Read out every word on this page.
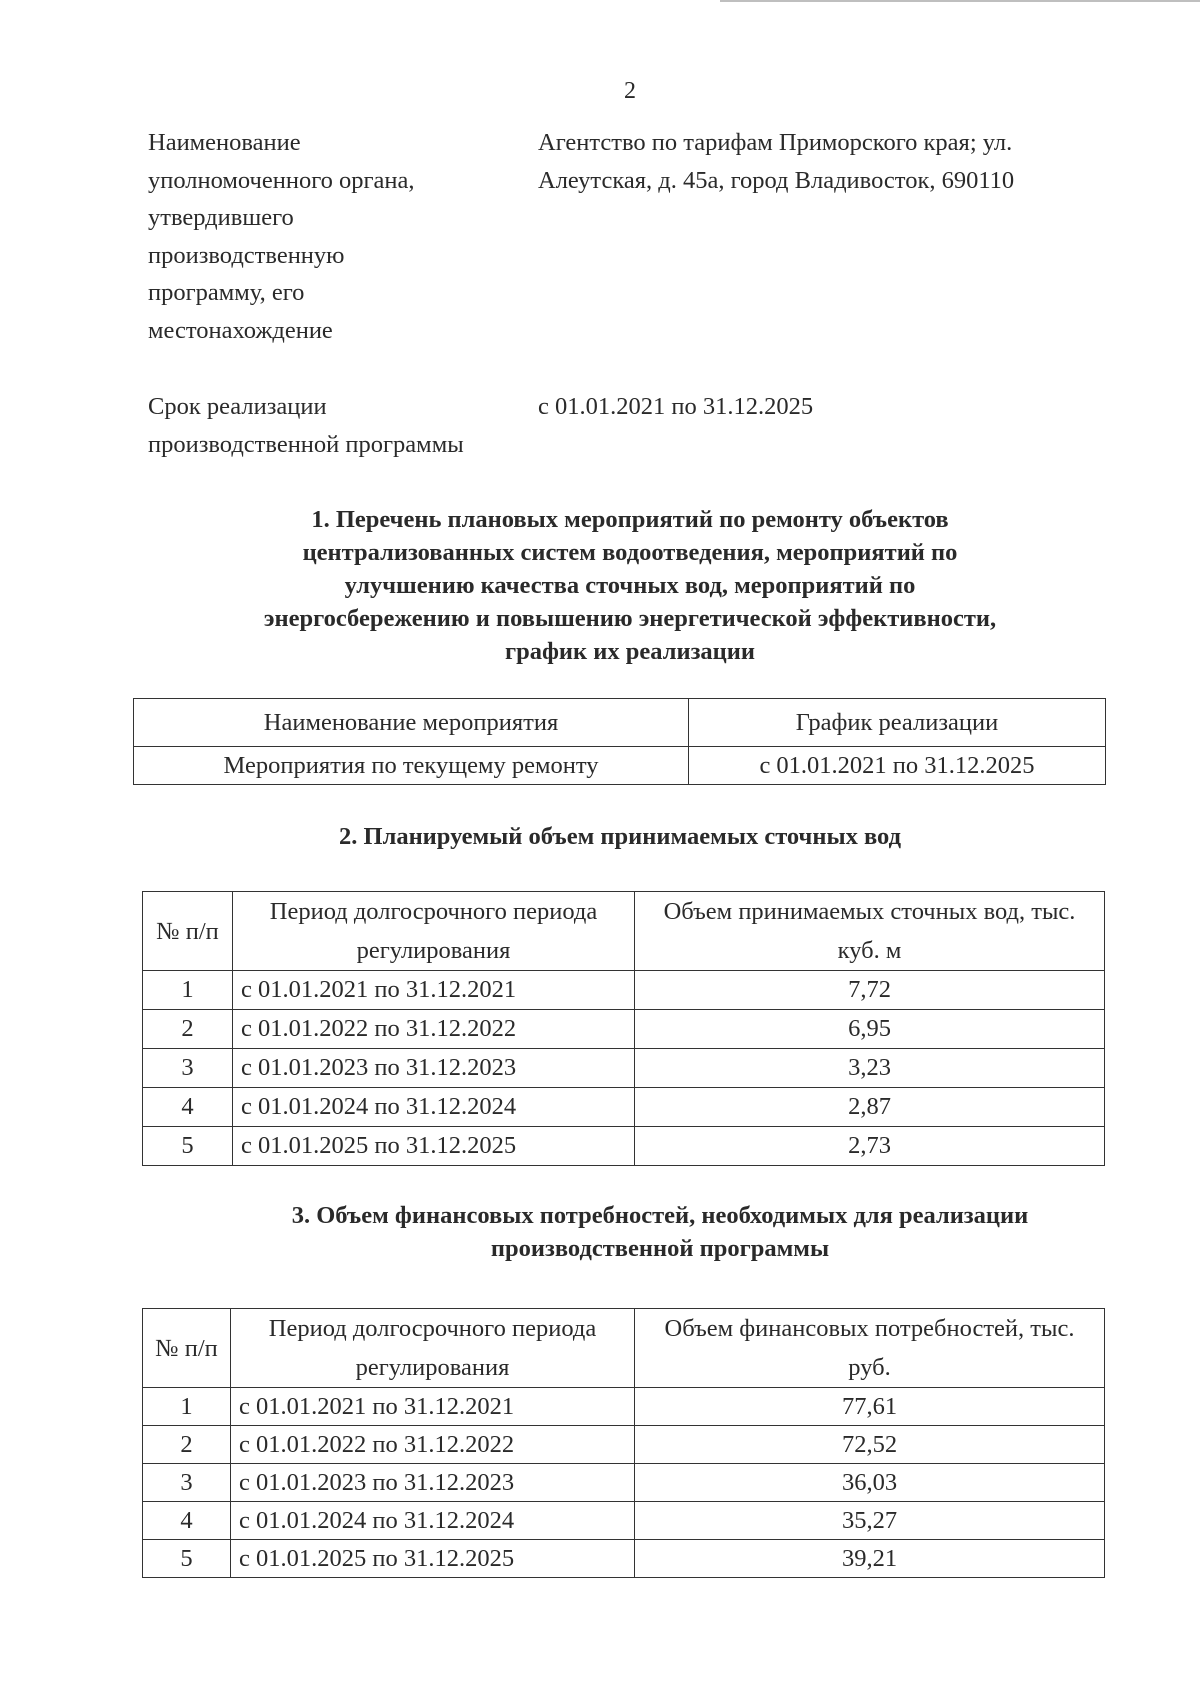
2
Наименование уполномоченного органа, утвердившего производственную программу, его местонахождение
Агентство по тарифам Приморского края; ул. Алеутская, д. 45а, город Владивосток, 690110
Срок реализации производственной программы
с 01.01.2021 по 31.12.2025
1. Перечень плановых мероприятий по ремонту объектов централизованных систем водоотведения, мероприятий по улучшению качества сточных вод, мероприятий по энергосбережению и повышению энергетической эффективности, график их реализации
Наименование мероприятия	График реализации
Мероприятия по текущему ремонту	с 01.01.2021 по 31.12.2025
2. Планируемый объем принимаемых сточных вод
№ п/п	Период долгосрочного периода регулирования	Объем принимаемых сточных вод, тыс. куб. м
1	с 01.01.2021 по 31.12.2021	7,72
2	с 01.01.2022 по 31.12.2022	6,95
3	с 01.01.2023 по 31.12.2023	3,23
4	с 01.01.2024 по 31.12.2024	2,87
5	с 01.01.2025 по 31.12.2025	2,73
3. Объем финансовых потребностей, необходимых для реализации производственной программы
№ п/п	Период долгосрочного периода регулирования	Объем финансовых потребностей, тыс. руб.
1	с 01.01.2021 по 31.12.2021	77,61
2	с 01.01.2022 по 31.12.2022	72,52
3	с 01.01.2023 по 31.12.2023	36,03
4	с 01.01.2024 по 31.12.2024	35,27
5	с 01.01.2025 по 31.12.2025	39,21
